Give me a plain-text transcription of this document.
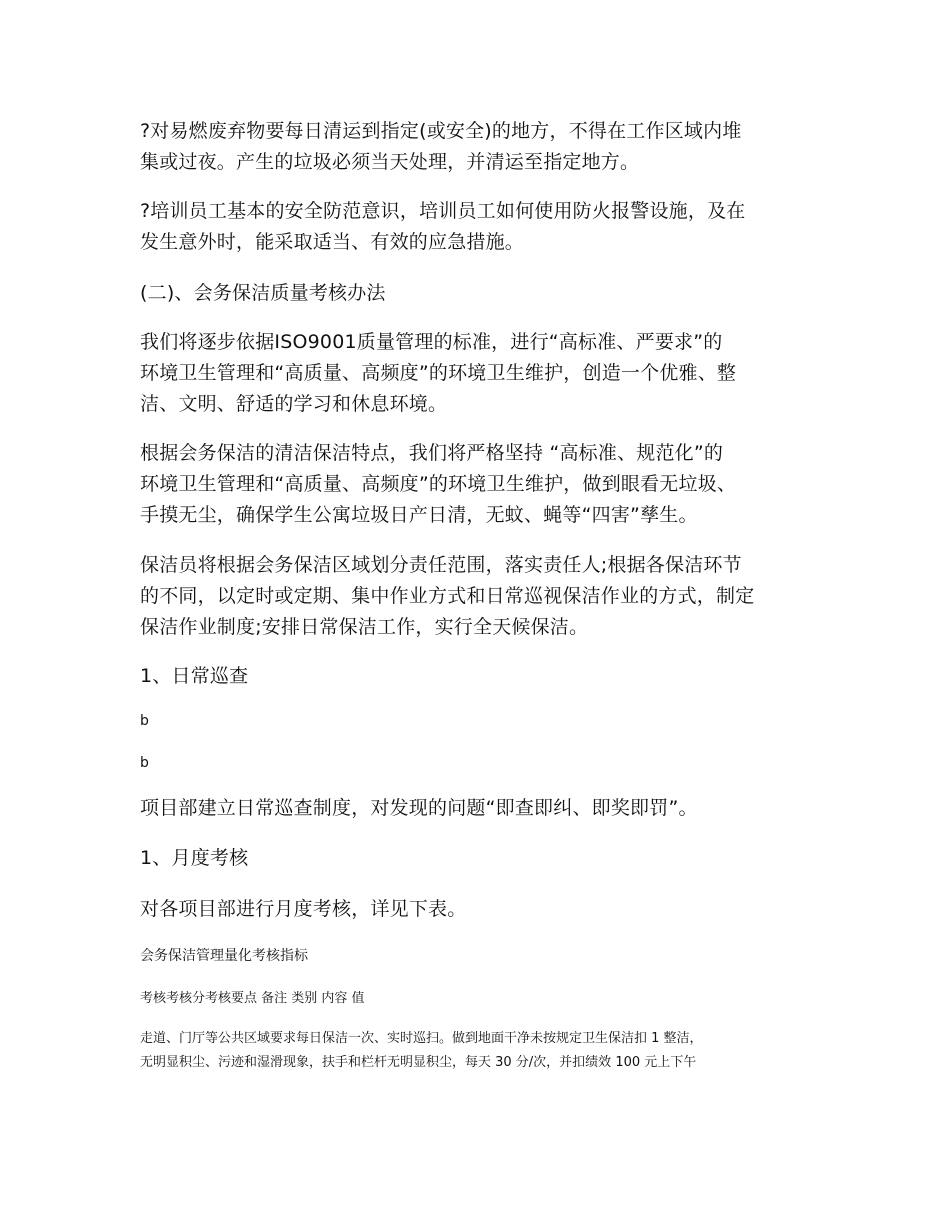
?对易燃废弃物要每日清运到指定(或安全)的地方，不得在工作区域内堆
集或过夜。产生的垃圾必须当天处理，并清运至指定地方。

?培训员工基本的安全防范意识，培训员工如何使用防火报警设施，及在
发生意外时，能采取适当、有效的应急措施。

(二)、会务保洁质量考核办法

我们将逐步依据ISO9001质量管理的标准，进行“高标准、严要求”的
环境卫生管理和“高质量、高频度”的环境卫生维护，创造一个优雅、整
洁、文明、舒适的学习和休息环境。

根据会务保洁的清洁保洁特点，我们将严格坚持 “高标准、规范化”的
环境卫生管理和“高质量、高频度”的环境卫生维护，做到眼看无垃圾、
手摸无尘，确保学生公寓垃圾日产日清，无蚊、蝇等“四害”孳生。

保洁员将根据会务保洁区域划分责任范围，落实责任人;根据各保洁环节
的不同，以定时或定期、集中作业方式和日常巡视保洁作业的方式，制定
保洁作业制度;安排日常保洁工作，实行全天候保洁。

1、日常巡查

b

b

项目部建立日常巡查制度，对发现的问题“即查即纠、即奖即罚”。

1、月度考核

对各项目部进行月度考核，详见下表。

会务保洁管理量化考核指标

考核考核分考核要点 备注 类别 内容 值

走道、门厅等公共区域要求每日保洁一次、实时巡扫。做到地面干净未按规定卫生保洁扣 1 整洁，
无明显积尘、污迹和湿滑现象，扶手和栏杆无明显积尘，每天 30 分/次，并扣绩效 100 元上下午
